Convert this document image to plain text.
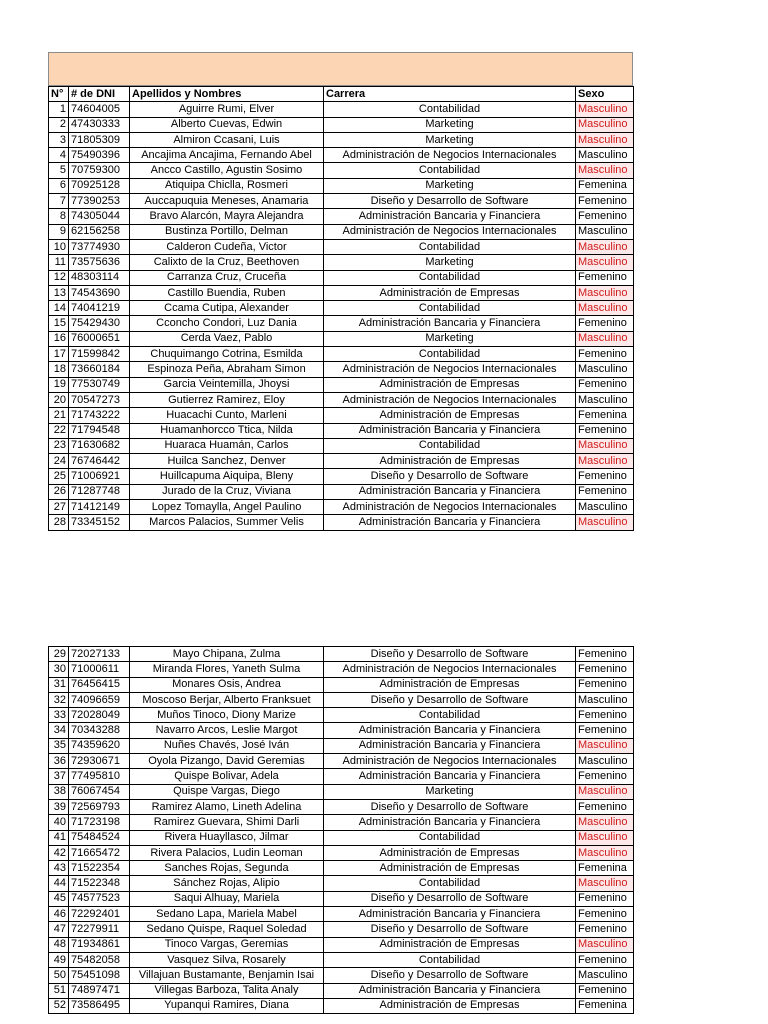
N°	# de DNI	Apellidos y Nombres	Carrera	Sexo
1	74604005	Aguirre Rumi, Elver	Contabilidad	Masculino
2	47430333	Alberto Cuevas, Edwin	Marketing	Masculino
3	71805309	Almiron Ccasani, Luis	Marketing	Masculino
4	75490396	Ancajima Ancajima, Fernando Abel	Administración de Negocios Internacionales	Masculino
5	70759300	Ancco Castillo, Agustin Sosimo	Contabilidad	Masculino
6	70925128	Atiquipa Chiclla, Rosmeri	Marketing	Femenina
7	77390253	Auccapuquia Meneses, Anamaria	Diseño y Desarrollo de Software	Femenino
8	74305044	Bravo Alarcón, Mayra Alejandra	Administración Bancaria y Financiera	Femenino
9	62156258	Bustinza Portillo, Delman	Administración de Negocios Internacionales	Masculino
10	73774930	Calderon Cudeña, Victor	Contabilidad	Masculino
11	73575636	Calixto de la Cruz, Beethoven	Marketing	Masculino
12	48303114	Carranza Cruz, Cruceña	Contabilidad	Femenino
13	74543690	Castillo Buendia, Ruben	Administración de Empresas	Masculino
14	74041219	Ccama Cutipa, Alexander	Contabilidad	Masculino
15	75429430	Cconcho Condori, Luz Dania	Administración Bancaria y Financiera	Femenino
16	76000651	Cerda Vaez, Pablo	Marketing	Masculino
17	71599842	Chuquimango Cotrina, Esmilda	Contabilidad	Femenino
18	73660184	Espinoza Peña, Abraham Simon	Administración de Negocios Internacionales	Masculino
19	77530749	Garcia Veintemilla, Jhoysi	Administración de Empresas	Femenino
20	70547273	Gutierrez Ramirez, Eloy	Administración de Negocios Internacionales	Masculino
21	71743222	Huacachi Cunto, Marleni	Administración de Empresas	Femenina
22	71794548	Huamanhorcco Ttica, Nilda	Administración Bancaria y Financiera	Femenino
23	71630682	Huaraca Huamán, Carlos	Contabilidad	Masculino
24	76746442	Huilca Sanchez, Denver	Administración de Empresas	Masculino
25	71006921	Huillcapuma Aiquipa, Bleny	Diseño y Desarrollo de Software	Femenino
26	71287748	Jurado de la Cruz, Viviana	Administración Bancaria y Financiera	Femenino
27	71412149	Lopez Tomaylla, Angel Paulino	Administración de Negocios Internacionales	Masculino
28	73345152	Marcos Palacios, Summer Velis	Administración Bancaria y Financiera	Masculino
29	72027133	Mayo Chipana, Zulma	Diseño y Desarrollo de Software	Femenino
30	71000611	Miranda Flores, Yaneth Sulma	Administración de Negocios Internacionales	Femenino
31	76456415	Monares Osis, Andrea	Administración de Empresas	Femenino
32	74096659	Moscoso Berjar, Alberto Franksuet	Diseño y Desarrollo de Software	Masculino
33	72028049	Muños Tinoco, Diony Marize	Contabilidad	Femenino
34	70343288	Navarro Arcos, Leslie Margot	Administración Bancaria y Financiera	Femenino
35	74359620	Nuñes Chavés, José Iván	Administración Bancaria y Financiera	Masculino
36	72930671	Oyola Pizango, David Geremias	Administración de Negocios Internacionales	Masculino
37	77495810	Quispe Bolivar, Adela	Administración Bancaria y Financiera	Femenino
38	76067454	Quispe Vargas, Diego	Marketing	Masculino
39	72569793	Ramirez Alamo, Lineth Adelina	Diseño y Desarrollo de Software	Femenino
40	71723198	Ramirez Guevara, Shimi Darli	Administración Bancaria y Financiera	Masculino
41	75484524	Rivera Huayllasco, Jilmar	Contabilidad	Masculino
42	71665472	Rivera Palacios, Ludin Leoman	Administración de Empresas	Masculino
43	71522354	Sanches Rojas, Segunda	Administración de Empresas	Femenina
44	71522348	Sánchez Rojas, Alipio	Contabilidad	Masculino
45	74577523	Saqui Alhuay, Mariela	Diseño y Desarrollo de Software	Femenino
46	72292401	Sedano Lapa, Mariela Mabel	Administración Bancaria y Financiera	Femenino
47	72279911	Sedano Quispe, Raquel Soledad	Diseño y Desarrollo de Software	Femenino
48	71934861	Tinoco Vargas, Geremias	Administración de Empresas	Masculino
49	75482058	Vasquez Silva, Rosarely	Contabilidad	Femenino
50	75451098	Villajuan Bustamante, Benjamin Isai	Diseño y Desarrollo de Software	Masculino
51	74897471	Villegas Barboza, Talita Analy	Administración Bancaria y Financiera	Femenino
52	73586495	Yupanqui Ramires, Diana	Administración de Empresas	Femenina
